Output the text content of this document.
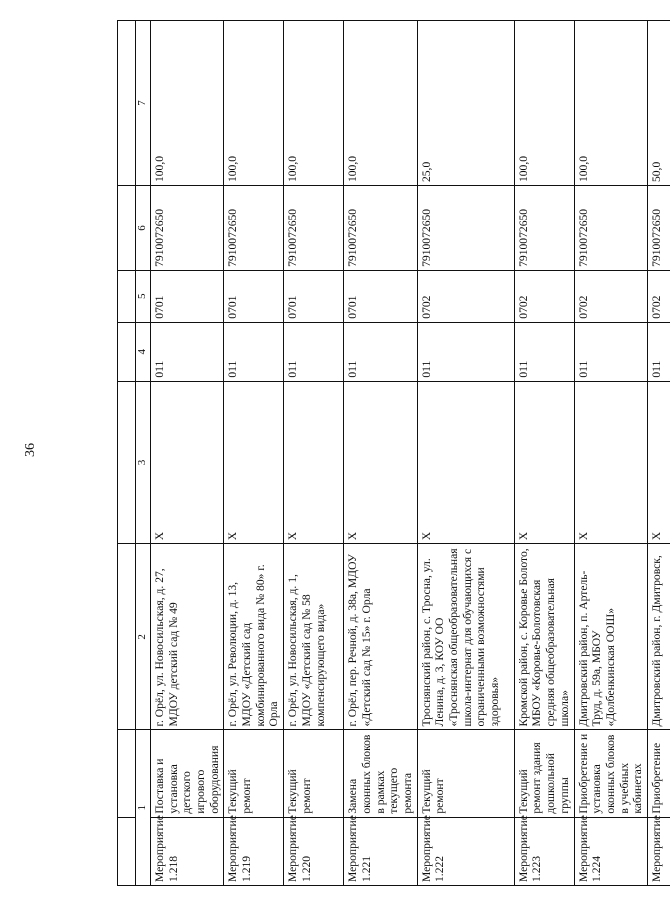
36

1		2	3	4	5	6	7
Мероприятие 1.218	Поставка и установка детского игрового оборудования	г. Орёл, ул. Новосильская, д. 27, МДОУ детский сад № 49	X	011	0701	7910072650	100,0
Мероприятие 1.219	Текущий ремонт	г. Орёл, ул. Революции, д. 13, МДОУ «Детский сад комбинированного вида № 80» г. Орла	X	011	0701	7910072650	100,0
Мероприятие 1.220	Текущий ремонт	г. Орёл, ул. Новосильская, д. 1, МДОУ «Детский сад № 58 компенсирующего вида»	X	011	0701	7910072650	100,0
Мероприятие 1.221	Замена оконных блоков в рамках текущего ремонта	г. Орёл, пер. Речной, д. 38а, МДОУ «Детский сад № 15» г. Орла	X	011	0701	7910072650	100,0
Мероприятие 1.222	Текущий ремонт	Троснянский район, с. Тросна, ул. Ленина, д. 3, КОУ ОО «Троснянская общеобразовательная школа-интернат для обучающихся с ограниченными возможностями здоровья»	X	011	0702	7910072650	25,0
Мероприятие 1.223	Текущий ремонт здания дошкольной группы	Кромской район, с. Коровье Болото, МБОУ «Коровье-Болотовская средняя общеобразовательная школа»	X	011	0702	7910072650	100,0
Мероприятие 1.224	Приобретение и установка оконных блоков в учебных кабинетах	Дмитровский район, п. Артель-Труд, д. 59а, МБОУ «Долбенкинская ООШ»	X	011	0702	7910072650	100,0
Мероприятие	Приобретение	Дмитровский район, г. Дмитровск,	X	011	0702	7910072650	50,0
